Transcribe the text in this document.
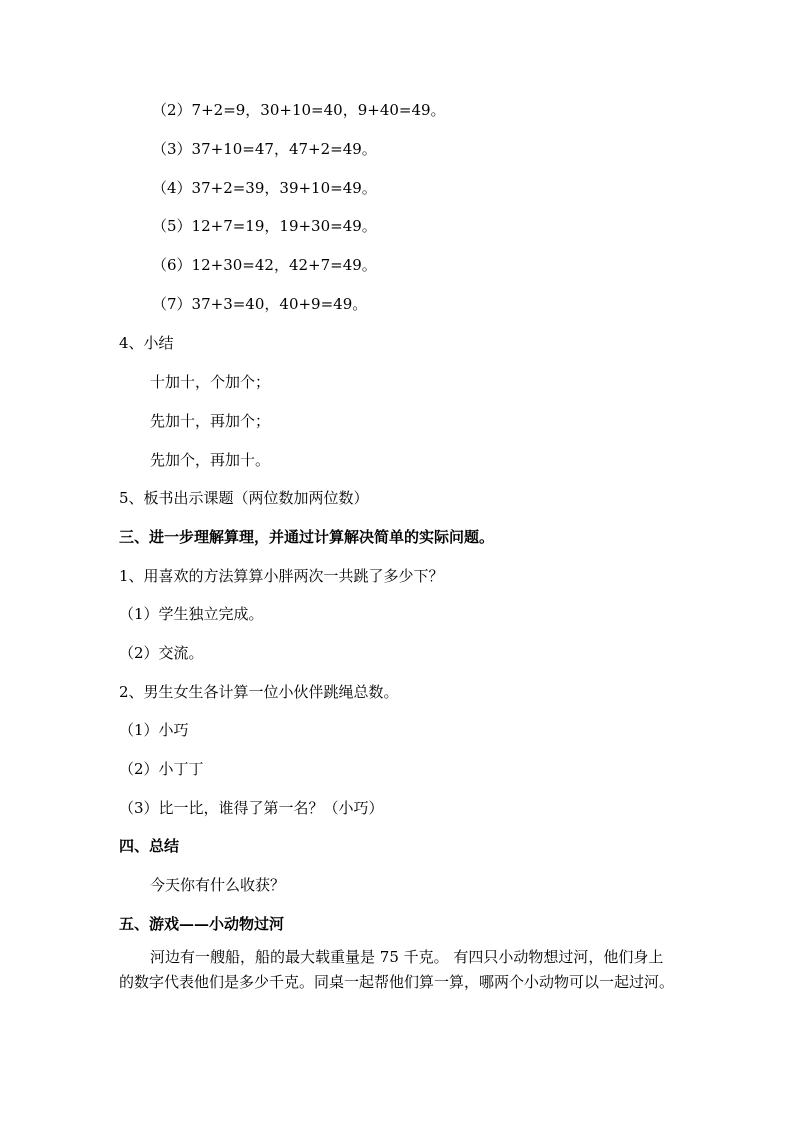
（2）7+2=9，30+10=40，9+40=49。
（3）37+10=47，47+2=49。
（4）37+2=39，39+10=49。
（5）12+7=19，19+30=49。
（6）12+30=42，42+7=49。
（7）37+3=40，40+9=49。
4、小结
十加十，个加个；
先加十，再加个；
先加个，再加十。
5、板书出示课题（两位数加两位数）
三、进一步理解算理，并通过计算解决简单的实际问题。
1、用喜欢的方法算算小胖两次一共跳了多少下？
（1）学生独立完成。
（2）交流。
2、男生女生各计算一位小伙伴跳绳总数。
（1）小巧
（2）小丁丁
（3）比一比，谁得了第一名？（小巧）
四、总结
今天你有什么收获？
五、游戏——小动物过河
河边有一艘船，船的最大载重量是 75 千克。 有四只小动物想过河，他们身上的数字代表他们是多少千克。同桌一起帮他们算一算，哪两个小动物可以一起过河。
